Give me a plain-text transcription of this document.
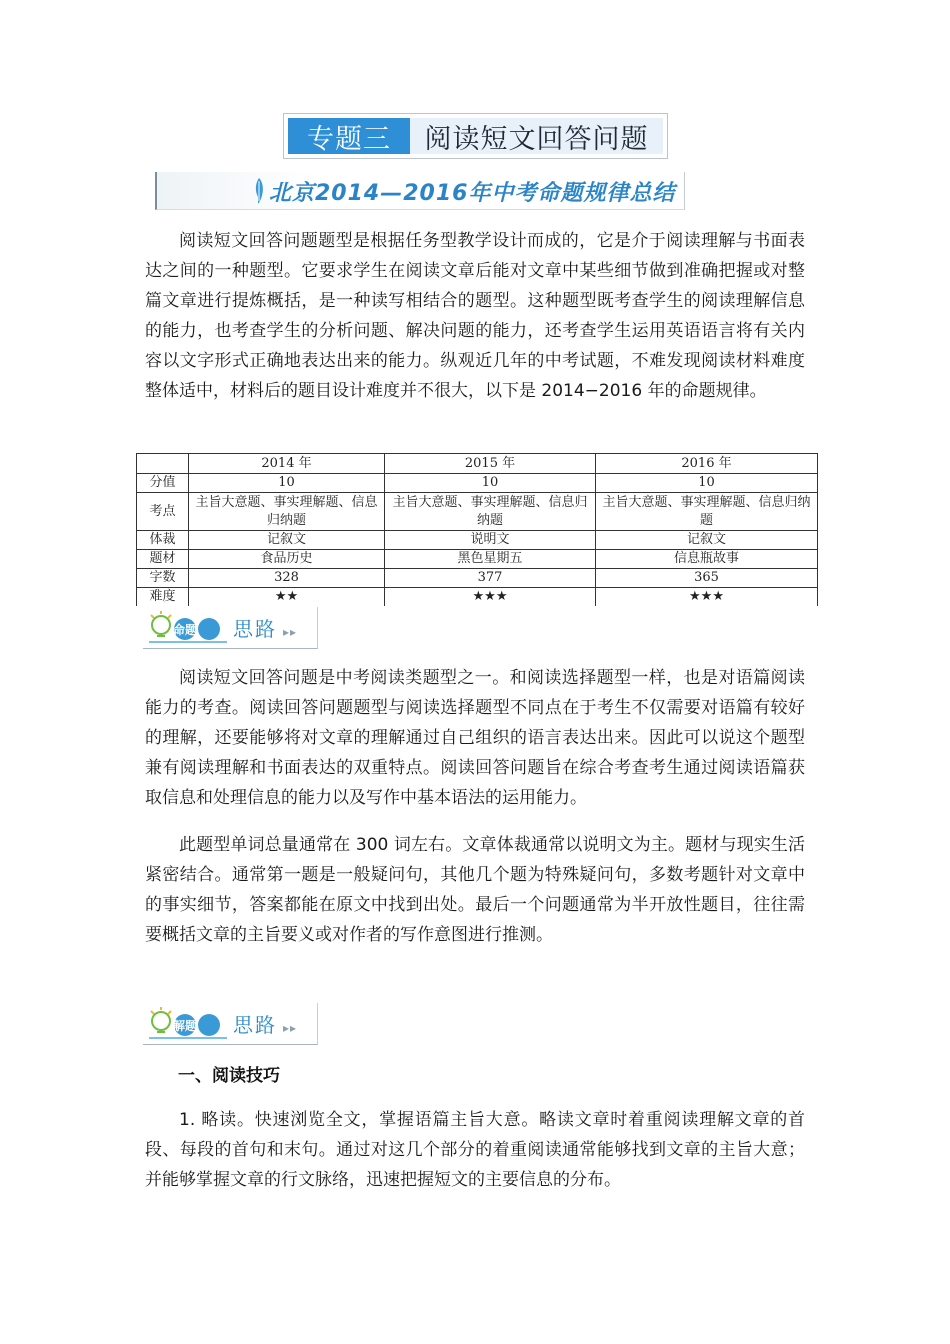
专题三	阅读短文回答问题
北京2014—2016年中考命题规律总结
阅读短文回答问题题型是根据任务型教学设计而成的，它是介于阅读理解与书面表达之间的一种题型。它要求学生在阅读文章后能对文章中某些细节做到准确把握或对整篇文章进行提炼概括，是一种读写相结合的题型。这种题型既考查学生的阅读理解信息的能力，也考查学生的分析问题、解决问题的能力，还考查学生运用英语语言将有关内容以文字形式正确地表达出来的能力。纵观近几年的中考试题，不难发现阅读材料难度整体适中，材料后的题目设计难度并不很大，以下是 2014−2016 年的命题规律。
	2014 年	2015 年	2016 年
分值	10	10	10
考点	主旨大意题、事实理解题、信息归纳题	主旨大意题、事实理解题、信息归纳题	主旨大意题、事实理解题、信息归纳题
体裁	记叙文	说明文	记叙文
题材	食品历史	黑色星期五	信息瓶故事
字数	328	377	365
难度	★★	★★★	★★★
命题 思路 ▸▸
阅读短文回答问题是中考阅读类题型之一。和阅读选择题型一样，也是对语篇阅读能力的考查。阅读回答问题题型与阅读选择题型不同点在于考生不仅需要对语篇有较好的理解，还要能够将对文章的理解通过自己组织的语言表达出来。因此可以说这个题型兼有阅读理解和书面表达的双重特点。阅读回答问题旨在综合考查考生通过阅读语篇获取信息和处理信息的能力以及写作中基本语法的运用能力。
此题型单词总量通常在 300 词左右。文章体裁通常以说明文为主。题材与现实生活紧密结合。通常第一题是一般疑问句，其他几个题为特殊疑问句，多数考题针对文章中的事实细节，答案都能在原文中找到出处。最后一个问题通常为半开放性题目，往往需要概括文章的主旨要义或对作者的写作意图进行推测。
解题 思路 ▸▸
一、阅读技巧
1. 略读。快速浏览全文，掌握语篇主旨大意。略读文章时着重阅读理解文章的首段、每段的首句和末句。通过对这几个部分的着重阅读通常能够找到文章的主旨大意；并能够掌握文章的行文脉络，迅速把握短文的主要信息的分布。
